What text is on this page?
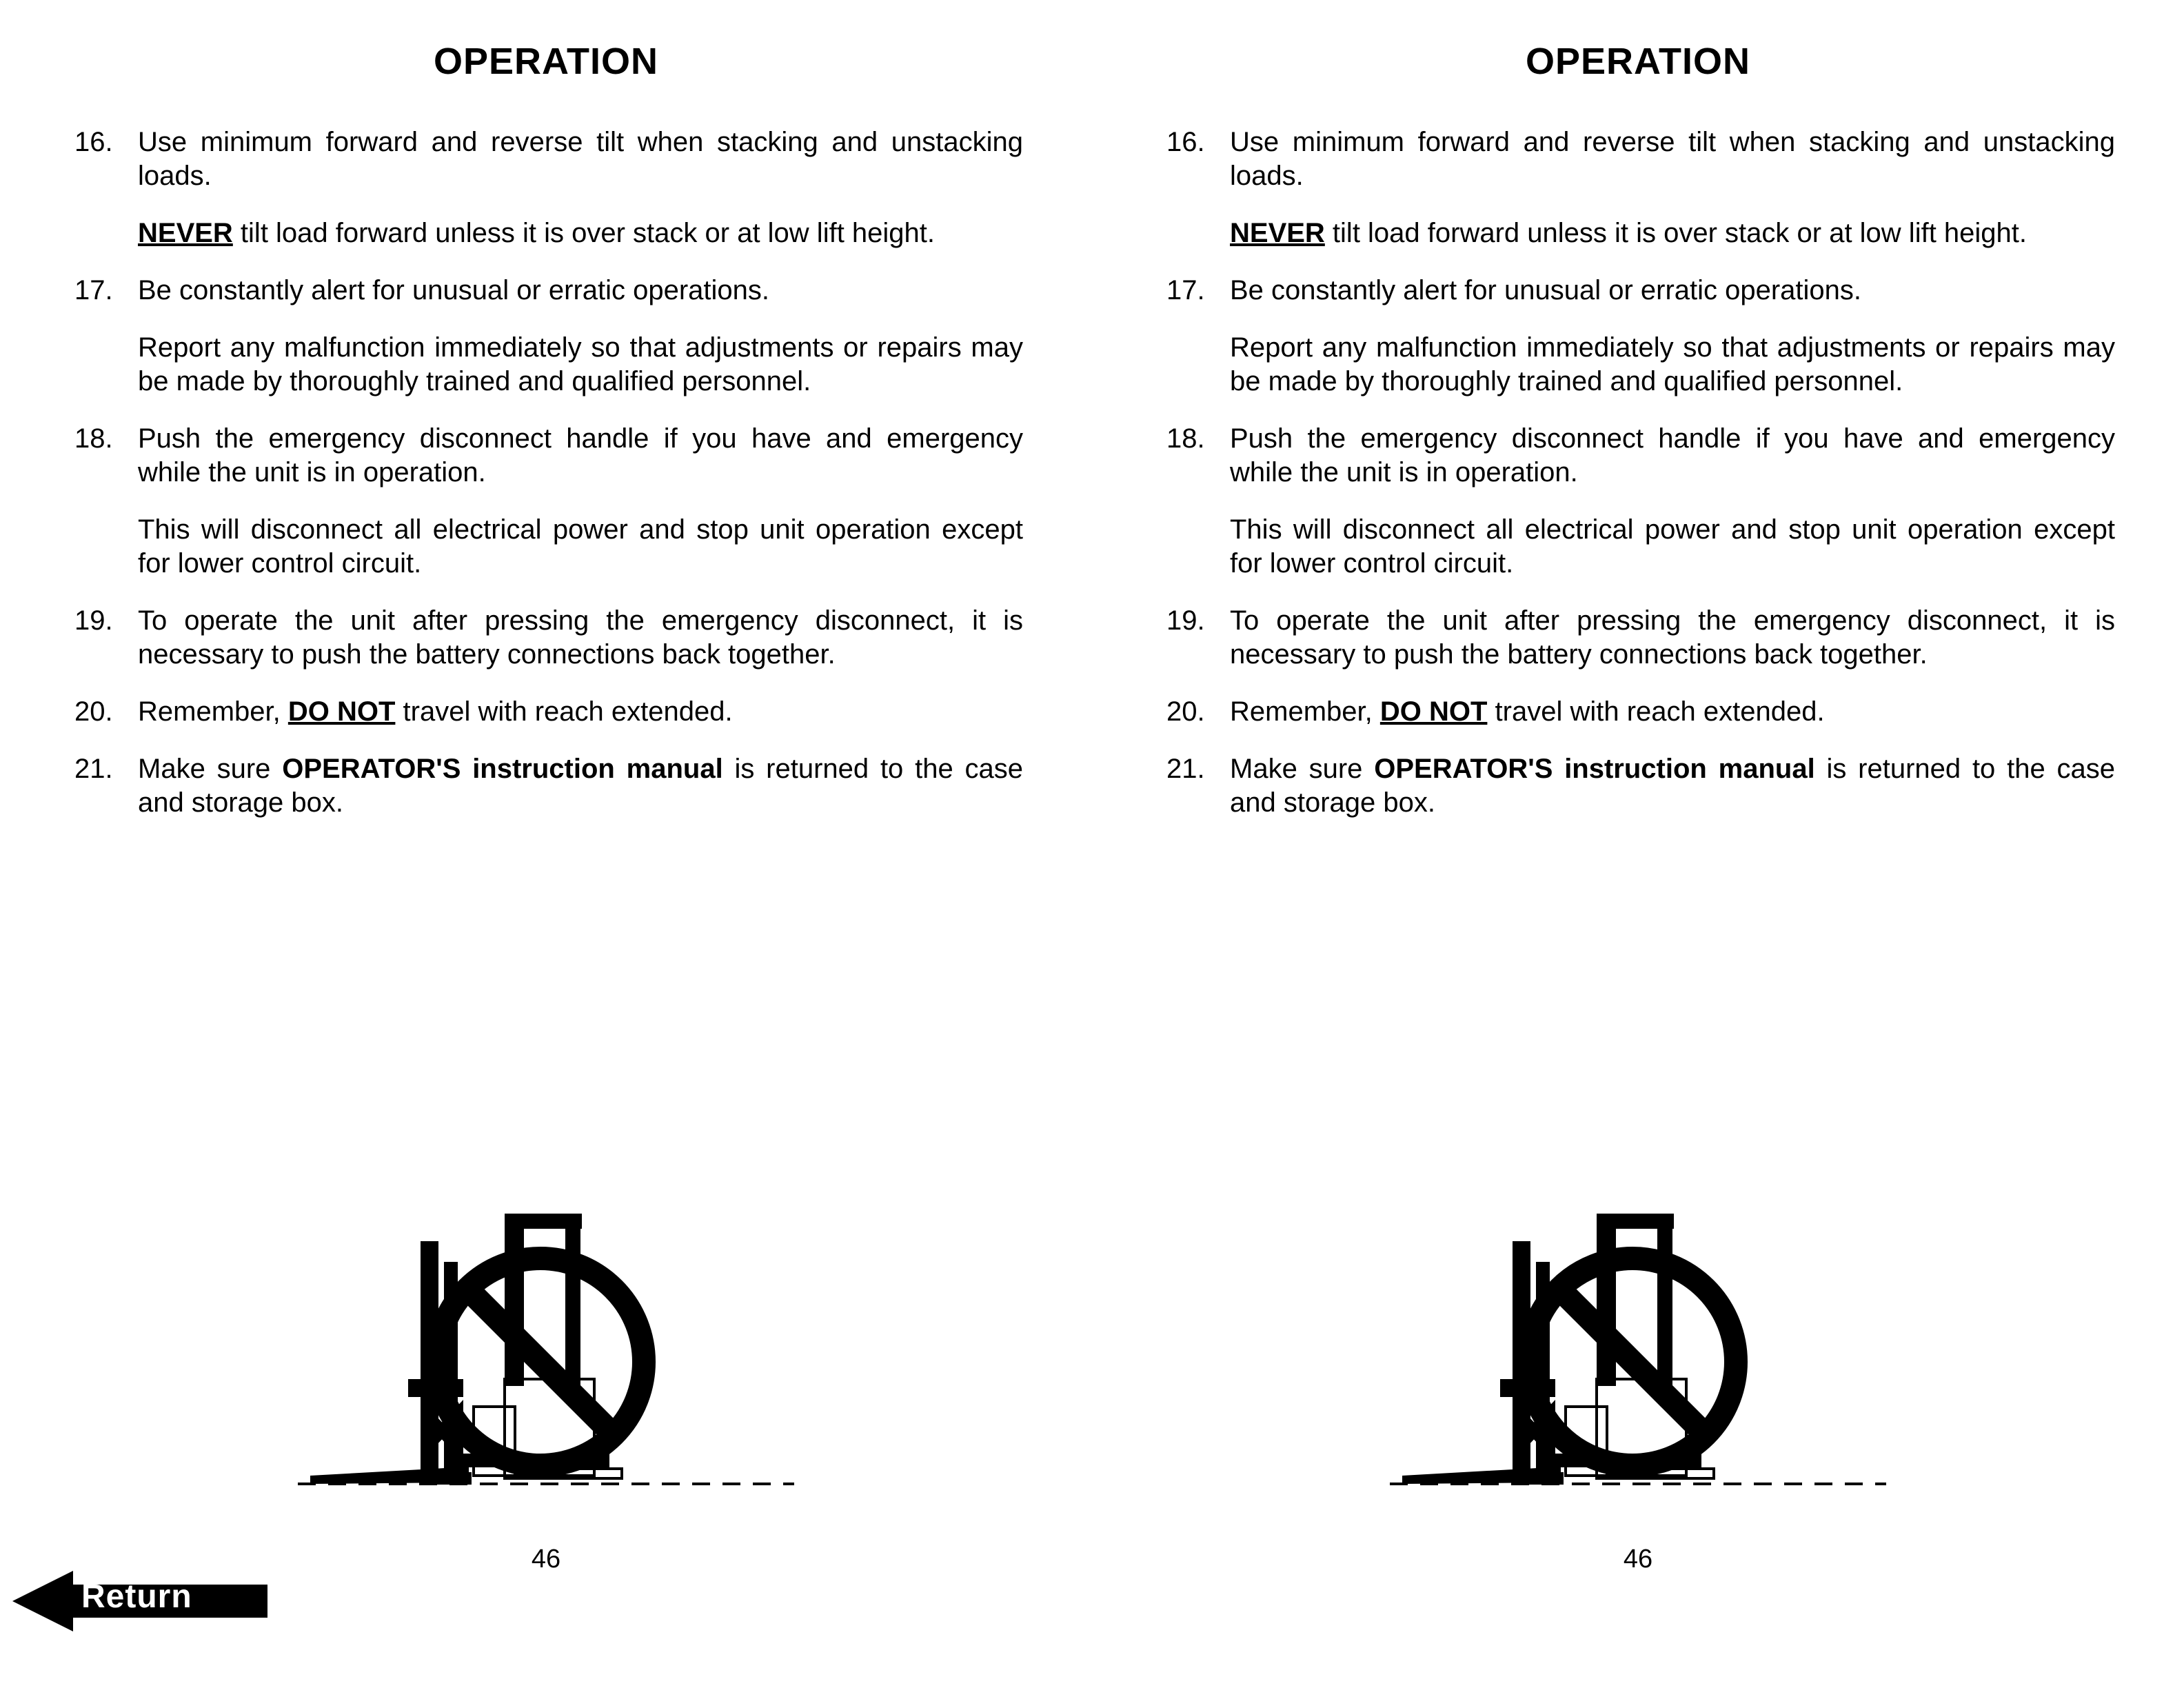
OPERATION
16. Use minimum forward and reverse tilt when stacking and unstacking loads.
NEVER tilt load forward unless it is over stack or at low lift height.
17. Be constantly alert for unusual or erratic operations.
Report any malfunction immediately so that adjustments or repairs may be made by thoroughly trained and qualified personnel.
18. Push the emergency disconnect handle if you have and emergency while the unit is in operation.
This will disconnect all electrical power and stop unit operation except for lower control circuit.
19. To operate the unit after pressing the emergency disconnect, it is necessary to push the battery connections back together.
20. Remember, DO NOT travel with reach extended.
21. Make sure OPERATOR'S instruction manual is returned to the case and storage box.
46
Return
OPERATION
16. Use minimum forward and reverse tilt when stacking and unstacking loads.
NEVER tilt load forward unless it is over stack or at low lift height.
17. Be constantly alert for unusual or erratic operations.
Report any malfunction immediately so that adjustments or repairs may be made by thoroughly trained and qualified personnel.
18. Push the emergency disconnect handle if you have and emergency while the unit is in operation.
This will disconnect all electrical power and stop unit operation except for lower control circuit.
19. To operate the unit after pressing the emergency disconnect, it is necessary to push the battery connections back together.
20. Remember, DO NOT travel with reach extended.
21. Make sure OPERATOR'S instruction manual is returned to the case and storage box.
46
